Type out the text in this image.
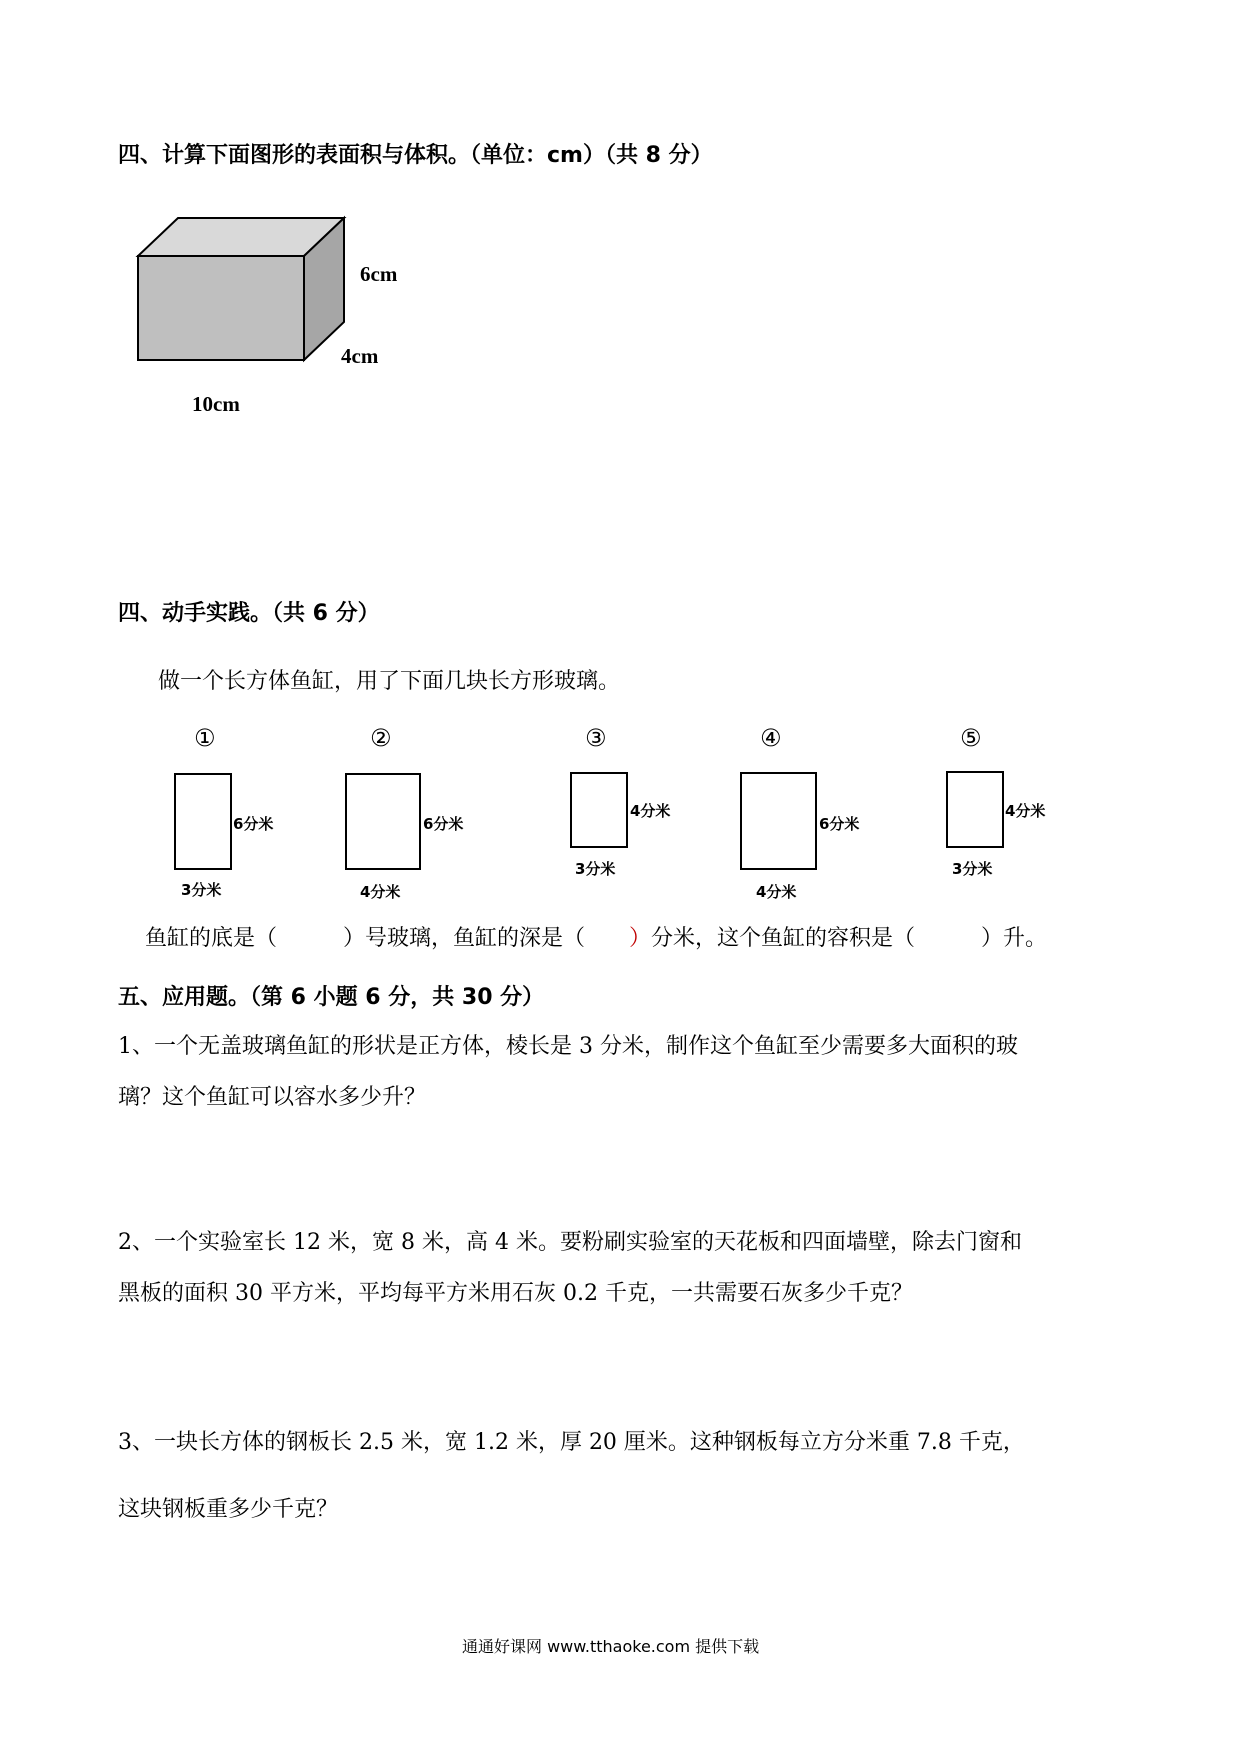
四、计算下面图形的表面积与体积。（单位：cm）（共 8 分）
6cm
4cm
10cm
四、动手实践。（共 6 分）
做一个长方体鱼缸，用了下面几块长方形玻璃。
①
6分米
3分米
②
6分米
4分米
③
4分米
3分米
④
6分米
4分米
⑤
4分米
3分米
鱼缸的底是（　　　）号玻璃，鱼缸的深是（　　）分米，这个鱼缸的容积是（　　　）升。
五、应用题。（第 6 小题 6 分，共 30 分）
1、一个无盖玻璃鱼缸的形状是正方体，棱长是 3 分米，制作这个鱼缸至少需要多大面积的玻
璃？这个鱼缸可以容水多少升？
2、一个实验室长 12 米，宽 8 米，高 4 米。要粉刷实验室的天花板和四面墙壁，除去门窗和
黑板的面积 30 平方米，平均每平方米用石灰 0.2 千克，一共需要石灰多少千克？
3、一块长方体的钢板长 2.5 米，宽 1.2 米，厚 20 厘米。这种钢板每立方分米重 7.8 千克，
这块钢板重多少千克？
通通好课网 www.tthaoke.com 提供下载
